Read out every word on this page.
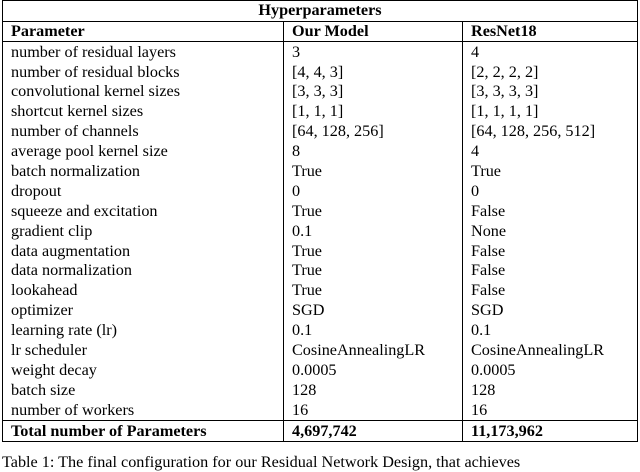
Hyperparameters		
Parameter	Our Model	ResNet18
number of residual layers	3	4
number of residual blocks	[4, 4, 3]	[2, 2, 2, 2]
convolutional kernel sizes	[3, 3, 3]	[3, 3, 3, 3]
shortcut kernel sizes	[1, 1, 1]	[1, 1, 1, 1]
number of channels	[64, 128, 256]	[64, 128, 256, 512]
average pool kernel size	8	4
batch normalization	True	True
dropout	0	0
squeeze and excitation	True	False
gradient clip	0.1	None
data augmentation	True	False
data normalization	True	False
lookahead	True	False
optimizer	SGD	SGD
learning rate (lr)	0.1	0.1
lr scheduler	CosineAnnealingLR	CosineAnnealingLR
weight decay	0.0005	0.0005
batch size	128	128
number of workers	16	16
Total number of Parameters	4,697,742	11,173,962
Table 1: The final configuration for our Residual Network Design, that achieves
